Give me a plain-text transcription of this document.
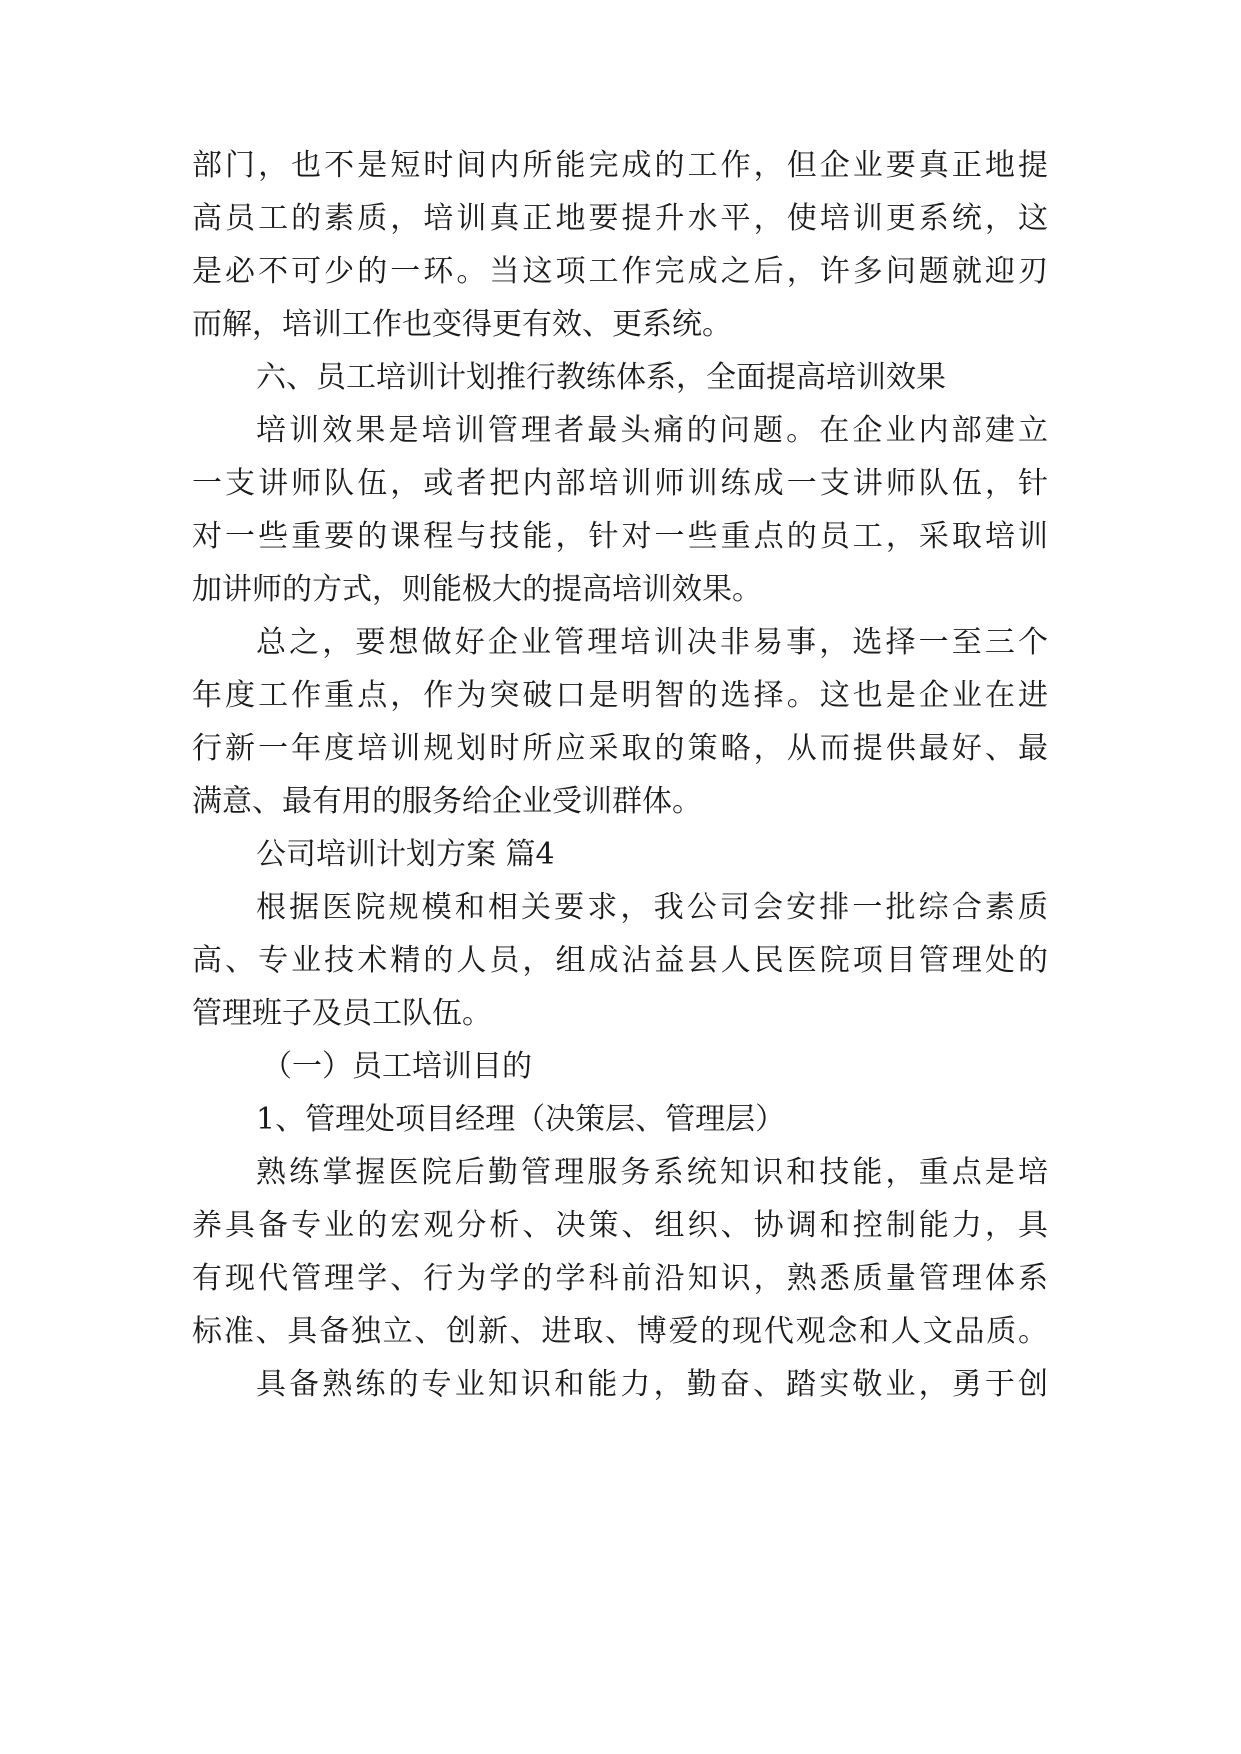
部门，也不是短时间内所能完成的工作，但企业要真正地提

高员工的素质，培训真正地要提升水平，使培训更系统，这

是必不可少的一环。当这项工作完成之后，许多问题就迎刃

而解，培训工作也变得更有效、更系统。

六、员工培训计划推行教练体系，全面提高培训效果

培训效果是培训管理者最头痛的问题。在企业内部建立

一支讲师队伍，或者把内部培训师训练成一支讲师队伍，针

对一些重要的课程与技能，针对一些重点的员工，采取培训

加讲师的方式，则能极大的提高培训效果。

总之，要想做好企业管理培训决非易事，选择一至三个

年度工作重点，作为突破口是明智的选择。这也是企业在进

行新一年度培训规划时所应采取的策略，从而提供最好、最

满意、最有用的服务给企业受训群体。

公司培训计划方案 篇4

根据医院规模和相关要求，我公司会安排一批综合素质

高、专业技术精的人员，组成沾益县人民医院项目管理处的

管理班子及员工队伍。

（一）员工培训目的

1、管理处项目经理（决策层、管理层）

熟练掌握医院后勤管理服务系统知识和技能，重点是培

养具备专业的宏观分析、决策、组织、协调和控制能力，具

有现代管理学、行为学的学科前沿知识，熟悉质量管理体系

标准、具备独立、创新、进取、博爱的现代观念和人文品质。

具备熟练的专业知识和能力，勤奋、踏实敬业，勇于创
